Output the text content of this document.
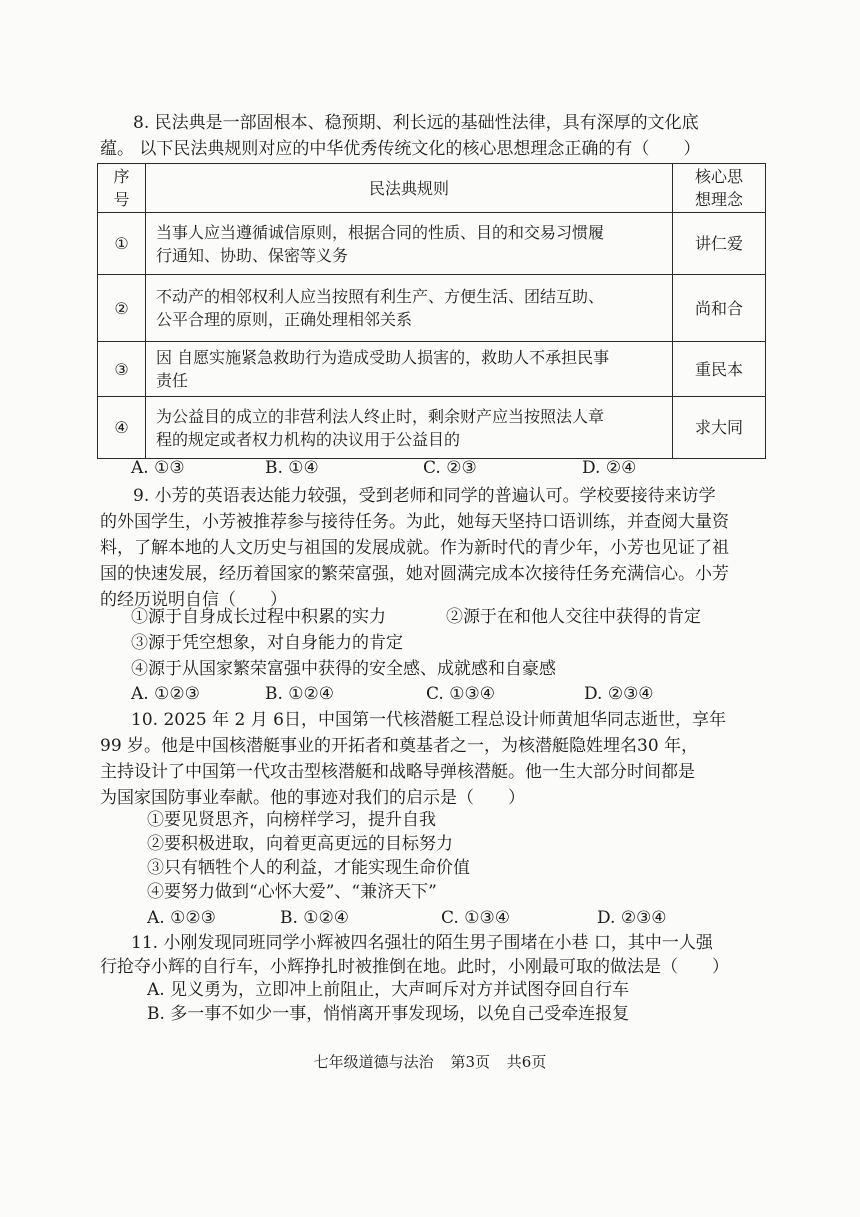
8. 民法典是一部固根本、稳预期、利长远的基础性法律，具有深厚的文化底
蕴。 以下民法典规则对应的中华优秀传统文化的核心思想理念正确的有（　　）
序
号	民法典规则	核心思
想理念
①	当事人应当遵循诚信原则，根据合同的性质、目的和交易习惯履
行通知、协助、保密等义务	讲仁爱
②	不动产的相邻权利人应当按照有利生产、方便生活、团结互助、
公平合理的原则，正确处理相邻关系	尚和合
③	因 自愿实施紧急救助行为造成受助人损害的，救助人不承担民事
责任	重民本
④	为公益目的成立的非营利法人终止时，剩余财产应当按照法人章
程的规定或者权力机构的决议用于公益目的	求大同
A. ①③	B. ①④	C. ②③	D. ②④
9. 小芳的英语表达能力较强，受到老师和同学的普遍认可。学校要接待来访学
的外国学生，小芳被推荐参与接待任务。为此，她每天坚持口语训练，并查阅大量资
料，了解本地的人文历史与祖国的发展成就。作为新时代的青少年，小芳也见证了祖
国的快速发展，经历着国家的繁荣富强，她对圆满完成本次接待任务充满信心。小芳
的经历说明自信（　　）
①源于自身成长过程中积累的实力	②源于在和他人交往中获得的肯定
③源于凭空想象，对自身能力的肯定
④源于从国家繁荣富强中获得的安全感、成就感和自豪感
A. ①②③	B. ①②④	C. ①③④	D. ②③④
10. 2025 年 2 月 6日，中国第一代核潜艇工程总设计师黄旭华同志逝世，享年
99 岁。他是中国核潜艇事业的开拓者和奠基者之一，为核潜艇隐姓埋名30 年，
主持设计了中国第一代攻击型核潜艇和战略导弹核潜艇。他一生大部分时间都是
为国家国防事业奉献。他的事迹对我们的启示是（　　）
①要见贤思齐，向榜样学习，提升自我
②要积极进取，向着更高更远的目标努力
③只有牺牲个人的利益，才能实现生命价值
④要努力做到“心怀大爱”、“兼济天下”
A. ①②③	B. ①②④	C. ①③④	D. ②③④
11. 小刚发现同班同学小辉被四名强壮的陌生男子围堵在小巷 口，其中一人强
行抢夺小辉的自行车，小辉挣扎时被推倒在地。此时，小刚最可取的做法是（　　）
A. 见义勇为，立即冲上前阻止，大声呵斥对方并试图夺回自行车
B. 多一事不如少一事，悄悄离开事发现场，以免自己受牵连报复
七年级道德与法治 第3页 共6页
